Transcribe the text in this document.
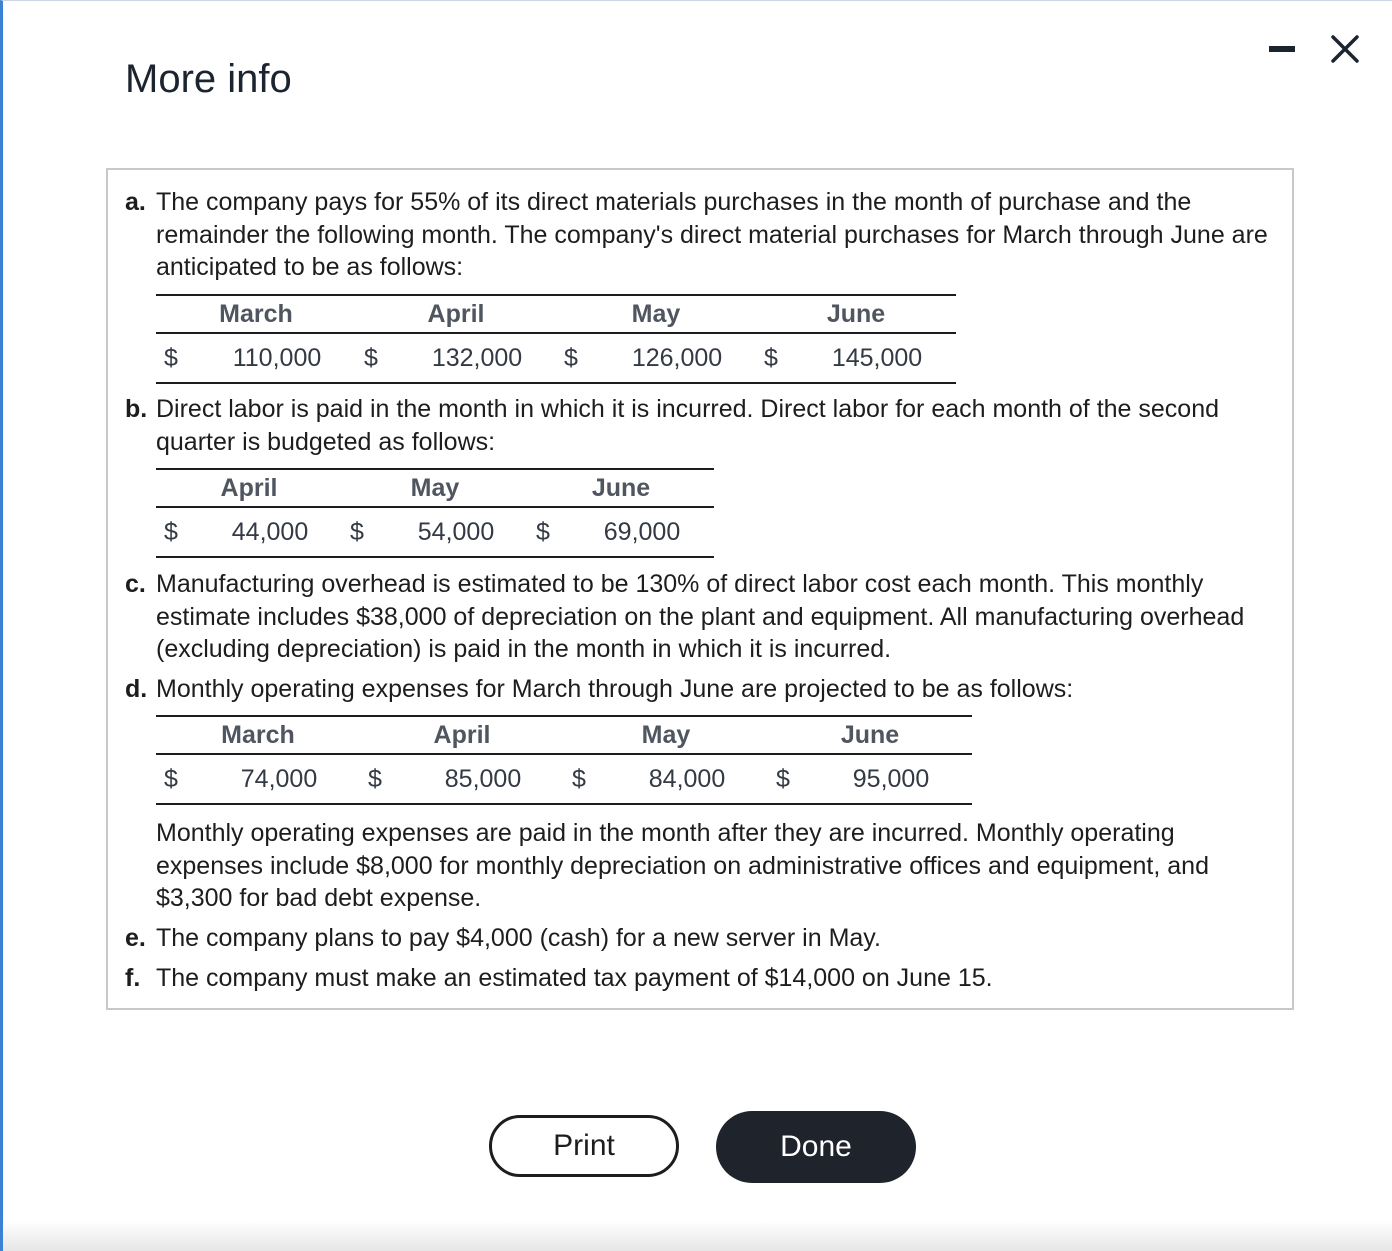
More info
a. The company pays for 55% of its direct materials purchases in the month of purchase and the remainder the following month. The company's direct material purchases for March through June are anticipated to be as follows:
March		April		May		June	
$	110,000	$	132,000	$	126,000	$	145,000
b. Direct labor is paid in the month in which it is incurred. Direct labor for each month of the second quarter is budgeted as follows:
April		May		June	
$	44,000	$	54,000	$	69,000
c. Manufacturing overhead is estimated to be 130% of direct labor cost each month. This monthly estimate includes $38,000 of depreciation on the plant and equipment. All manufacturing overhead (excluding depreciation) is paid in the month in which it is incurred.
d. Monthly operating expenses for March through June are projected to be as follows:
March		April		May		June	
$	74,000	$	85,000	$	84,000	$	95,000
Monthly operating expenses are paid in the month after they are incurred. Monthly operating expenses include $8,000 for monthly depreciation on administrative offices and equipment, and $3,300 for bad debt expense.
e. The company plans to pay $4,000 (cash) for a new server in May.
f. The company must make an estimated tax payment of $14,000 on June 15.
Print	Done
